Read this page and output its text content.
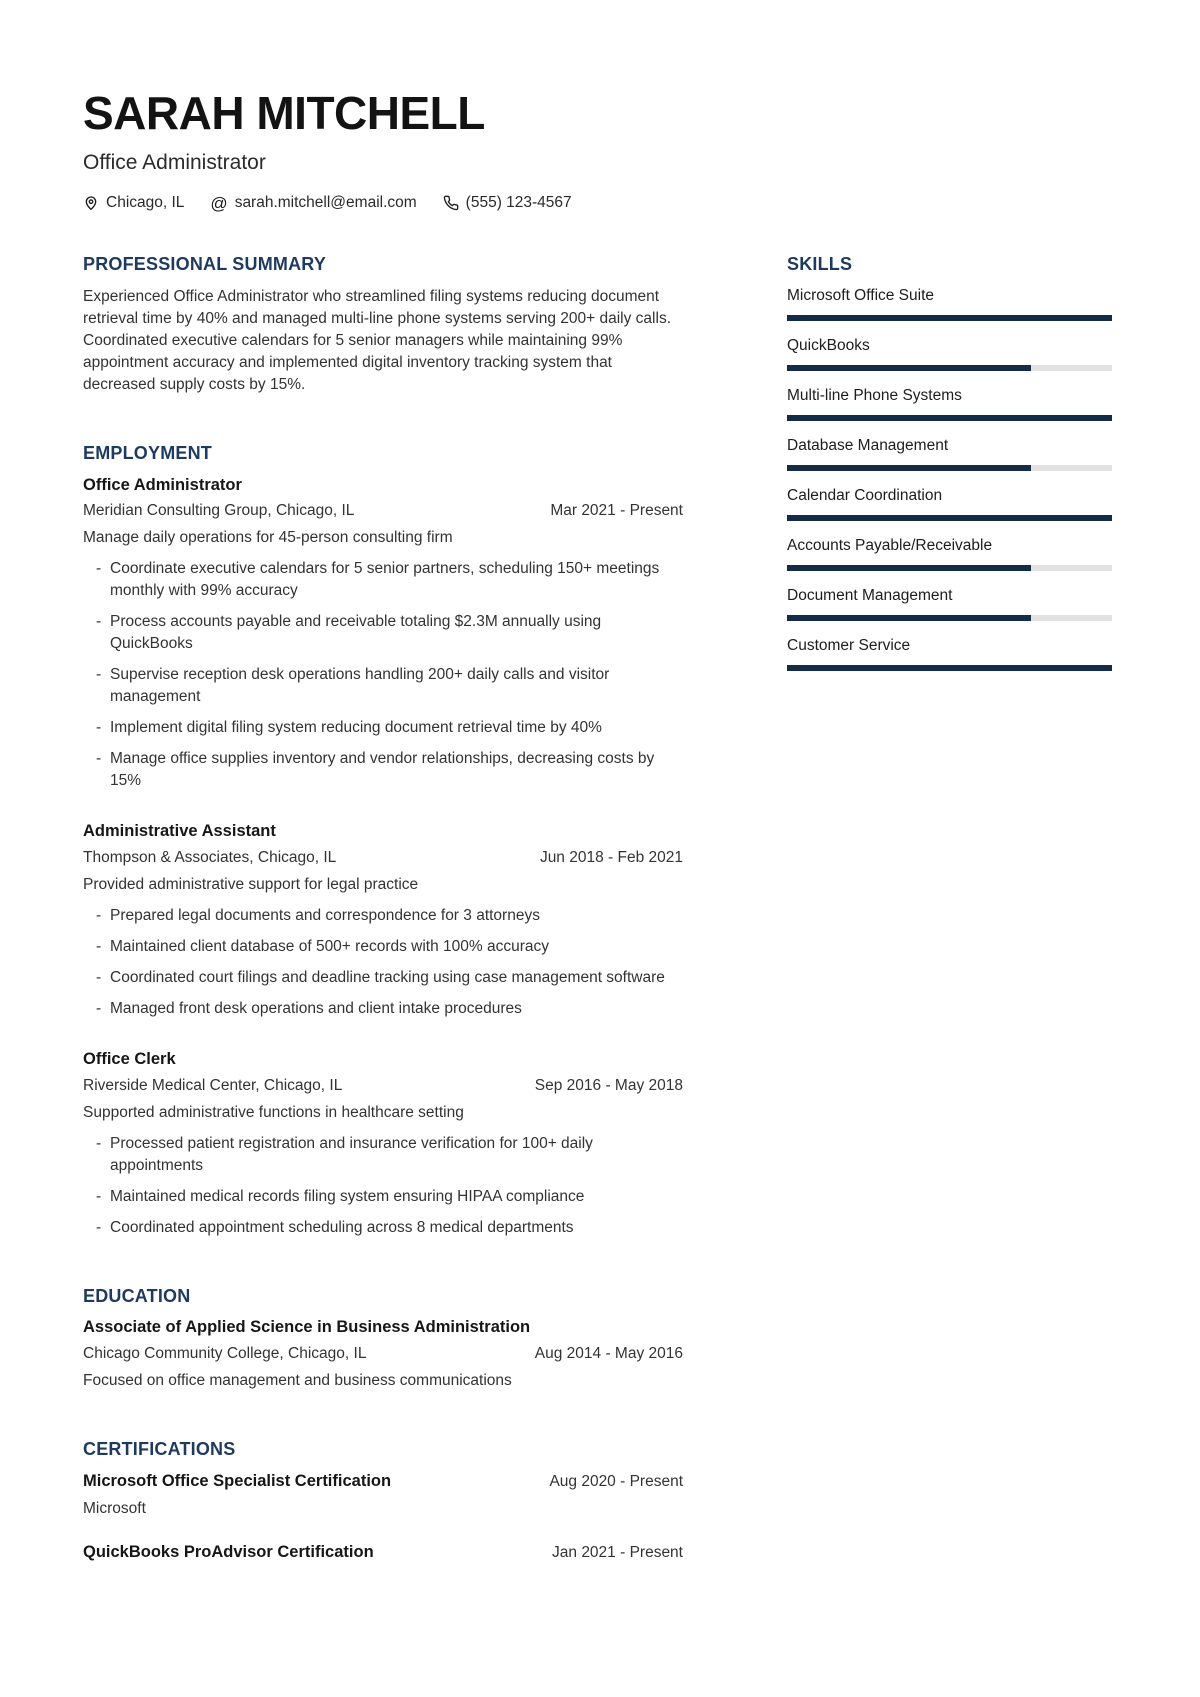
SARAH MITCHELL
Office Administrator
Chicago, IL @ sarah.mitchell@email.com	(555) 123-4567
PROFESSIONAL SUMMARY

Experienced Office Administrator who streamlined filing systems reducing document retrieval time by 40% and managed multi-line phone systems serving 200+ daily calls. Coordinated executive calendars for 5 senior managers while maintaining 99% appointment accuracy and implemented digital inventory tracking system that decreased supply costs by 15%.

EMPLOYMENT
Office Administrator
Meridian Consulting Group, Chicago, IL	Mar 2021 - Present

Manage daily operations for 45-person consulting firm

- Coordinate executive calendars for 5 senior partners, scheduling 150+ meetings monthly with 99% accuracy
- Process accounts payable and receivable totaling $2.3M annually using QuickBooks
- Supervise reception desk operations handling 200+ daily calls and visitor management
- Implement digital filing system reducing document retrieval time by 40%
- Manage office supplies inventory and vendor relationships, decreasing costs by 15%
Administrative Assistant
Thompson & Associates, Chicago, IL	Jun 2018 - Feb 2021

Provided administrative support for legal practice

- Prepared legal documents and correspondence for 3 attorneys
- Maintained client database of 500+ records with 100% accuracy
- Coordinated court filings and deadline tracking using case management software
- Managed front desk operations and client intake procedures
Office Clerk
Riverside Medical Center, Chicago, IL	Sep 2016 - May 2018

Supported administrative functions in healthcare setting

- Processed patient registration and insurance verification for 100+ daily appointments
- Maintained medical records filing system ensuring HIPAA compliance
- Coordinated appointment scheduling across 8 medical departments
EDUCATION
Associate of Applied Science in Business Administration
Chicago Community College, Chicago, IL	Aug 2014 - May 2016

Focused on office management and business communications

CERTIFICATIONS
Microsoft Office Specialist Certification	Aug 2020 - Present
Microsoft
QuickBooks ProAdvisor Certification	Jan 2021 - Present
SKILLS
Microsoft Office Suite
QuickBooks
Multi-line Phone Systems
Database Management
Calendar Coordination
Accounts Payable/Receivable
Document Management
Customer Service
